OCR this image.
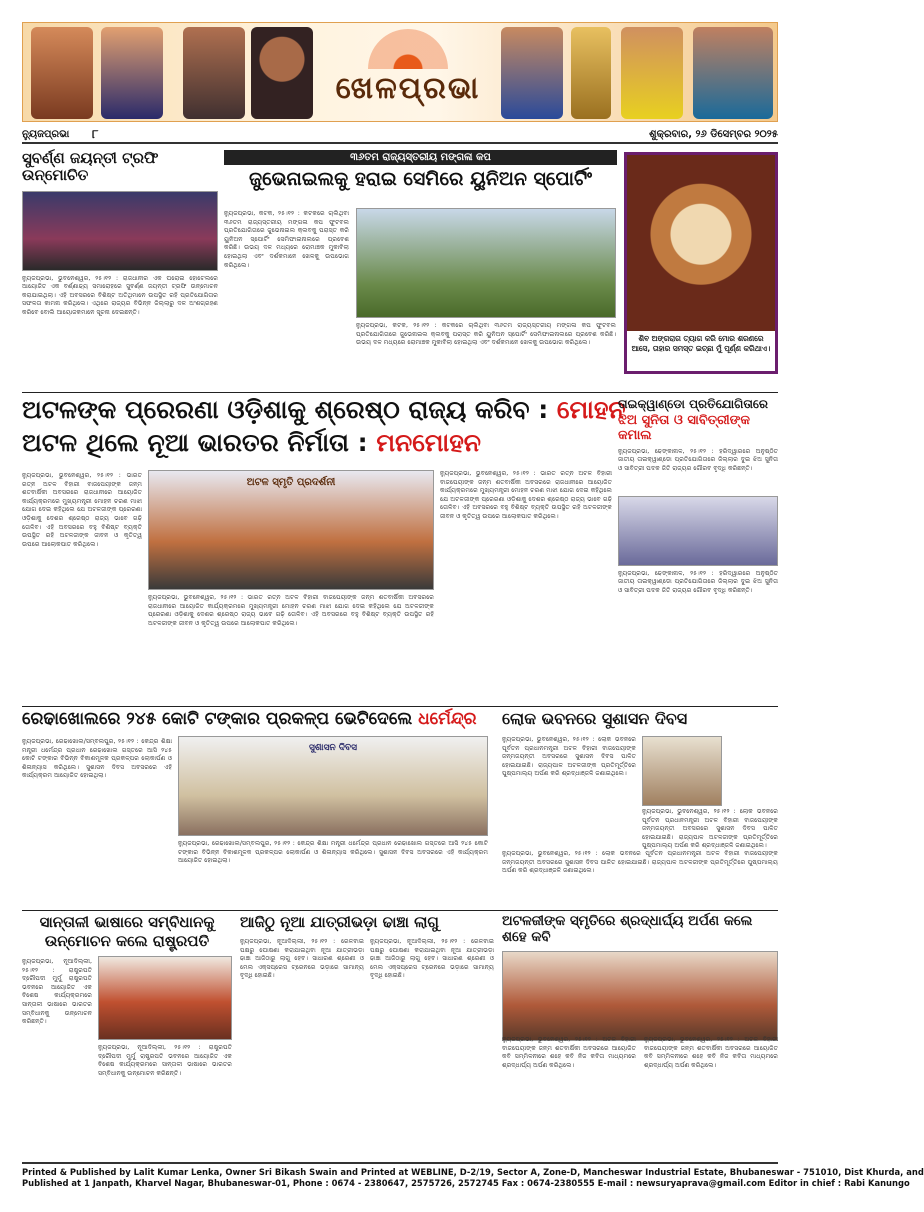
ଖେଳପ୍ରଭା
ନ୍ୟୁଜପ୍ରଭା ୮	ଶୁକ୍ରବାର, ୨୬ ଡିସେମ୍ବର ୨୦୨୫
ସୁବର୍ଣ୍ଣ ଜୟନ୍ତୀ ଟ୍ରଫି ଉନ୍ମୋଚିତ
ନ୍ୟୁଜପ୍ରଭା, ଭୁବନେଶ୍ୱର, ୨୫।୧୨ : ରାଜଧାନୀର ଏକ ଘରୋଇ ହୋଟେଲରେ ଆୟୋଜିତ ଏକ ବର୍ଣ୍ଣାଢ୍ୟ ସମାରୋହରେ ସୁବର୍ଣ୍ଣ ଜୟନ୍ତୀ ଟ୍ରଫି ଉନ୍ମୋଚନ କରାଯାଇଥିଲା। ଏହି ଅବସରରେ ବିଶିଷ୍ଟ ଅତିଥିମାନେ ଉପସ୍ଥିତ ରହି ପ୍ରତିଯୋଗିତାର ସଫଳତା କାମନା କରିଥିଲେ। ଏଥିରେ ରାଜ୍ୟର ବିଭିନ୍ନ ଜିଲ୍ଲାରୁ ଦଳ ଅଂଶଗ୍ରହଣ କରିବେ ବୋଲି ଆୟୋଜକମାନେ ସୂଚନା ଦେଇଛନ୍ତି।
୩୬ତମ ରାଜ୍ୟସ୍ତରୀୟ ମଙ୍ଗଳା କପ
ଜୁଭେନାଇଲକୁ ହରାଇ ସେମିରେ ୟୁନିଅନ ସ୍ପୋର୍ଟିଂ
ନ୍ୟୁଜପ୍ରଭା, କଟକ, ୨୫।୧୨ : କଟକରେ ଚାଲିଥିବା ୩୬ତମ ରାଜ୍ୟସ୍ତରୀୟ ମଙ୍ଗଳା କପ ଫୁଟବଲ ପ୍ରତିଯୋଗିତାରେ ଜୁଭେନାଇଲ କ୍ଲବକୁ ପରାସ୍ତ କରି ୟୁନିଅନ ସ୍ପୋର୍ଟିଂ ସେମିଫାଇନାଲରେ ପ୍ରବେଶ କରିଛି। ଉଭୟ ଦଳ ମଧ୍ୟରେ ରୋମାଞ୍ଚକ ମୁକାବିଲା ହୋଇଥିଲା ଏବଂ ଦର୍ଶକମାନେ ଖେଳକୁ ଉପଭୋଗ କରିଥିଲେ।
ନ୍ୟୁଜପ୍ରଭା, କଟକ, ୨୫।୧୨ : କଟକରେ ଚାଲିଥିବା ୩୬ତମ ରାଜ୍ୟସ୍ତରୀୟ ମଙ୍ଗଳା କପ ଫୁଟବଲ ପ୍ରତିଯୋଗିତାରେ ଜୁଭେନାଇଲ କ୍ଲବକୁ ପରାସ୍ତ କରି ୟୁନିଅନ ସ୍ପୋର୍ଟିଂ ସେମିଫାଇନାଲରେ ପ୍ରବେଶ କରିଛି। ଉଭୟ ଦଳ ମଧ୍ୟରେ ରୋମାଞ୍ଚକ ମୁକାବିଲା ହୋଇଥିଲା ଏବଂ ଦର୍ଶକମାନେ ଖେଳକୁ ଉପଭୋଗ କରିଥିଲେ।	ଶିବ ଅଙ୍ଗରାଗ ତ୍ୟାଗ କରି ମୋର ଶରଣରେ ଆସେ, ତାହାର ସମସ୍ତ ଇଚ୍ଛା ମୁଁ ପୂର୍ଣ୍ଣ କରିଥାଏ।
ଅଟଳଙ୍କ ପ୍ରେରଣା ଓଡ଼ିଶାକୁ ଶ୍ରେଷ୍ଠ ରାଜ୍ୟ କରିବ : ମୋହନ
ଅଟଳ ଥିଲେ ନୂଆ ଭାରତର ନିର୍ମାତା : ମନମୋହନ
ନ୍ୟୁଜପ୍ରଭା, ଭୁବନେଶ୍ୱର, ୨୫।୧୨ : ଭାରତ ରତ୍ନ ଅଟଳ ବିହାରୀ ବାଜପେୟୀଙ୍କ ଜନ୍ମ ଶତବାର୍ଷିକୀ ଅବସରରେ ରାଜଧାନୀରେ ଆୟୋଜିତ କାର୍ଯ୍ୟକ୍ରମରେ ମୁଖ୍ୟମନ୍ତ୍ରୀ ମୋହନ ଚରଣ ମାଝୀ ଯୋଗ ଦେଇ କହିଥିଲେ ଯେ ଅଟଳଜୀଙ୍କ ପ୍ରେରଣା ଓଡ଼ିଶାକୁ ଦେଶର ଶ୍ରେଷ୍ଠ ରାଜ୍ୟ ଭାବେ ଗଢ଼ି ତୋଳିବ। ଏହି ଅବସରରେ ବହୁ ବିଶିଷ୍ଟ ବ୍ୟକ୍ତି ଉପସ୍ଥିତ ରହି ଅଟଳଜୀଙ୍କ ଜୀବନ ଓ କୃତିତ୍ୱ ଉପରେ ଆଲୋକପାତ କରିଥିଲେ।
ଅଟଳ ସ୍ମୃତି ପ୍ରଦର୍ଶନୀ
ନ୍ୟୁଜପ୍ରଭା, ଭୁବନେଶ୍ୱର, ୨୫।୧୨ : ଭାରତ ରତ୍ନ ଅଟଳ ବିହାରୀ ବାଜପେୟୀଙ୍କ ଜନ୍ମ ଶତବାର୍ଷିକୀ ଅବସରରେ ରାଜଧାନୀରେ ଆୟୋଜିତ କାର୍ଯ୍ୟକ୍ରମରେ ମୁଖ୍ୟମନ୍ତ୍ରୀ ମୋହନ ଚରଣ ମାଝୀ ଯୋଗ ଦେଇ କହିଥିଲେ ଯେ ଅଟଳଜୀଙ୍କ ପ୍ରେରଣା ଓଡ଼ିଶାକୁ ଦେଶର ଶ୍ରେଷ୍ଠ ରାଜ୍ୟ ଭାବେ ଗଢ଼ି ତୋଳିବ। ଏହି ଅବସରରେ ବହୁ ବିଶିଷ୍ଟ ବ୍ୟକ୍ତି ଉପସ୍ଥିତ ରହି ଅଟଳଜୀଙ୍କ ଜୀବନ ଓ କୃତିତ୍ୱ ଉପରେ ଆଲୋକପାତ କରିଥିଲେ।
ନ୍ୟୁଜପ୍ରଭା, ଭୁବନେଶ୍ୱର, ୨୫।୧୨ : ଭାରତ ରତ୍ନ ଅଟଳ ବିହାରୀ ବାଜପେୟୀଙ୍କ ଜନ୍ମ ଶତବାର୍ଷିକୀ ଅବସରରେ ରାଜଧାନୀରେ ଆୟୋଜିତ କାର୍ଯ୍ୟକ୍ରମରେ ମୁଖ୍ୟମନ୍ତ୍ରୀ ମୋହନ ଚରଣ ମାଝୀ ଯୋଗ ଦେଇ କହିଥିଲେ ଯେ ଅଟଳଜୀଙ୍କ ପ୍ରେରଣା ଓଡ଼ିଶାକୁ ଦେଶର ଶ୍ରେଷ୍ଠ ରାଜ୍ୟ ଭାବେ ଗଢ଼ି ତୋଳିବ। ଏହି ଅବସରରେ ବହୁ ବିଶିଷ୍ଟ ବ୍ୟକ୍ତି ଉପସ୍ଥିତ ରହି ଅଟଳଜୀଙ୍କ ଜୀବନ ଓ କୃତିତ୍ୱ ଉପରେ ଆଲୋକପାତ କରିଥିଲେ।
ତାଇକ୍ୱାଣ୍ଡୋ ପ୍ରତିଯୋଗିତାରେ
ଝିଅ ସୁନିତା ଓ ସାବିତ୍ରୀଙ୍କ କମାଲ
ନ୍ୟୁଜପ୍ରଭା, ଢେଙ୍କାନାଳ, ୨୫।୧୨ : ହରିଦ୍ୱାରରେ ଅନୁଷ୍ଠିତ ଜାତୀୟ ତାଇକ୍ୱାଣ୍ଡୋ ପ୍ରତିଯୋଗିତାରେ ଜିଲ୍ଲାର ଦୁଇ ଝିଅ ସୁନିତା ଓ ସାବିତ୍ରୀ ପଦକ ଜିତି ରାଜ୍ୟର ଗୌରବ ବୃଦ୍ଧି କରିଛନ୍ତି।
ନ୍ୟୁଜପ୍ରଭା, ଢେଙ୍କାନାଳ, ୨୫।୧୨ : ହରିଦ୍ୱାରରେ ଅନୁଷ୍ଠିତ ଜାତୀୟ ତାଇକ୍ୱାଣ୍ଡୋ ପ୍ରତିଯୋଗିତାରେ ଜିଲ୍ଲାର ଦୁଇ ଝିଅ ସୁନିତା ଓ ସାବିତ୍ରୀ ପଦକ ଜିତି ରାଜ୍ୟର ଗୌରବ ବୃଦ୍ଧି କରିଛନ୍ତି।
ରେଢାଖୋଲରେ ୨୪୫ କୋଟି ଟଙ୍କାର ପ୍ରକଳ୍ପ ଭେଟିଦେଲେ ଧର୍ମେନ୍ଦ୍ର
ନ୍ୟୁଜପ୍ରଭା, ରେଢାଖୋଲ/ସମ୍ବଲପୁର, ୨୫।୧୨ : କେନ୍ଦ୍ର ଶିକ୍ଷା ମନ୍ତ୍ରୀ ଧର୍ମେନ୍ଦ୍ର ପ୍ରଧାନ ରେଢାଖୋଲ ଗସ୍ତରେ ଆସି ୨୪୫ କୋଟି ଟଙ୍କାର ବିଭିନ୍ନ ବିକାଶମୂଳକ ପ୍ରକଳ୍ପର ଲୋକାର୍ପଣ ଓ ଶିଳାନ୍ୟାସ କରିଥିଲେ। ସୁଶାସନ ଦିବସ ଅବସରରେ ଏହି କାର୍ଯ୍ୟକ୍ରମ ଆୟୋଜିତ ହୋଇଥିଲା।
ସୁଶାସନ ଦିବସ
ନ୍ୟୁଜପ୍ରଭା, ରେଢାଖୋଲ/ସମ୍ବଲପୁର, ୨୫।୧୨ : କେନ୍ଦ୍ର ଶିକ୍ଷା ମନ୍ତ୍ରୀ ଧର୍ମେନ୍ଦ୍ର ପ୍ରଧାନ ରେଢାଖୋଲ ଗସ୍ତରେ ଆସି ୨୪୫ କୋଟି ଟଙ୍କାର ବିଭିନ୍ନ ବିକାଶମୂଳକ ପ୍ରକଳ୍ପର ଲୋକାର୍ପଣ ଓ ଶିଳାନ୍ୟାସ କରିଥିଲେ। ସୁଶାସନ ଦିବସ ଅବସରରେ ଏହି କାର୍ଯ୍ୟକ୍ରମ ଆୟୋଜିତ ହୋଇଥିଲା।
ଲୋକ ଭବନରେ ସୁଶାସନ ଦିବସ
ନ୍ୟୁଜପ୍ରଭା, ଭୁବନେଶ୍ୱର, ୨୫।୧୨ : ଲୋକ ଭବନରେ ପୂର୍ବତନ ପ୍ରଧାନମନ୍ତ୍ରୀ ଅଟଳ ବିହାରୀ ବାଜପେୟୀଙ୍କ ଜନ୍ମଜୟନ୍ତୀ ଅବସରରେ ସୁଶାସନ ଦିବସ ପାଳିତ ହୋଇଯାଇଛି। ରାଜ୍ୟପାଳ ଅଟଳଜୀଙ୍କ ପ୍ରତିମୂର୍ତ୍ତିରେ ପୁଷ୍ପମାଲ୍ୟ ଅର୍ପଣ କରି ଶ୍ରଦ୍ଧାଞ୍ଜଳି ଜଣାଇଥିଲେ।
ନ୍ୟୁଜପ୍ରଭା, ଭୁବନେଶ୍ୱର, ୨୫।୧୨ : ଲୋକ ଭବନରେ ପୂର୍ବତନ ପ୍ରଧାନମନ୍ତ୍ରୀ ଅଟଳ ବିହାରୀ ବାଜପେୟୀଙ୍କ ଜନ୍ମଜୟନ୍ତୀ ଅବସରରେ ସୁଶାସନ ଦିବସ ପାଳିତ ହୋଇଯାଇଛି। ରାଜ୍ୟପାଳ ଅଟଳଜୀଙ୍କ ପ୍ରତିମୂର୍ତ୍ତିରେ ପୁଷ୍ପମାଲ୍ୟ ଅର୍ପଣ କରି ଶ୍ରଦ୍ଧାଞ୍ଜଳି ଜଣାଇଥିଲେ।
ନ୍ୟୁଜପ୍ରଭା, ଭୁବନେଶ୍ୱର, ୨୫।୧୨ : ଲୋକ ଭବନରେ ପୂର୍ବତନ ପ୍ରଧାନମନ୍ତ୍ରୀ ଅଟଳ ବିହାରୀ ବାଜପେୟୀଙ୍କ ଜନ୍ମଜୟନ୍ତୀ ଅବସରରେ ସୁଶାସନ ଦିବସ ପାଳିତ ହୋଇଯାଇଛି। ରାଜ୍ୟପାଳ ଅଟଳଜୀଙ୍କ ପ୍ରତିମୂର୍ତ୍ତିରେ ପୁଷ୍ପମାଲ୍ୟ ଅର୍ପଣ କରି ଶ୍ରଦ୍ଧାଞ୍ଜଳି ଜଣାଇଥିଲେ।
ସାନ୍ତାଳୀ ଭାଷାରେ ସମ୍ବିଧାନକୁ
ଉନ୍ମୋଚନ କଲେ ରାଷ୍ଟ୍ରପତି
ନ୍ୟୁଜପ୍ରଭା, ନୂଆଦିଲ୍ଲୀ, ୨୫।୧୨ : ରାଷ୍ଟ୍ରପତି ଦ୍ରୌପଦୀ ମୁର୍ମୁ ରାଷ୍ଟ୍ରପତି ଭବନରେ ଆୟୋଜିତ ଏକ ବିଶେଷ କାର୍ଯ୍ୟକ୍ରମରେ ସାନ୍ତାଳୀ ଭାଷାରେ ଭାରତର ସମ୍ବିଧାନକୁ ଉନ୍ମୋଚନ କରିଛନ୍ତି।
ନ୍ୟୁଜପ୍ରଭା, ନୂଆଦିଲ୍ଲୀ, ୨୫।୧୨ : ରାଷ୍ଟ୍ରପତି ଦ୍ରୌପଦୀ ମୁର୍ମୁ ରାଷ୍ଟ୍ରପତି ଭବନରେ ଆୟୋଜିତ ଏକ ବିଶେଷ କାର୍ଯ୍ୟକ୍ରମରେ ସାନ୍ତାଳୀ ଭାଷାରେ ଭାରତର ସମ୍ବିଧାନକୁ ଉନ୍ମୋଚନ କରିଛନ୍ତି।
ଆଜିଠୁ ନୂଆ ଯାତ୍ରୀଭଡ଼ା ଢାଞ୍ଚା ଲାଗୁ
ନ୍ୟୁଜପ୍ରଭା, ନୂଆଦିଲ୍ଲୀ, ୨୫।୧୨ : ରେଳବାଇ ପକ୍ଷରୁ ଘୋଷଣା କରାଯାଇଥିବା ନୂଆ ଯାତ୍ରୀଭଡ଼ା ଢାଞ୍ଚା ଆଜିଠାରୁ ଲାଗୁ ହେବ। ସାଧାରଣ ଶ୍ରେଣୀ ଓ ମେଲ ଏକ୍ସପ୍ରେସ ଟ୍ରେନରେ ଭଡ଼ାରେ ସାମାନ୍ୟ ବୃଦ୍ଧି ହୋଇଛି।
ନ୍ୟୁଜପ୍ରଭା, ନୂଆଦିଲ୍ଲୀ, ୨୫।୧୨ : ରେଳବାଇ ପକ୍ଷରୁ ଘୋଷଣା କରାଯାଇଥିବା ନୂଆ ଯାତ୍ରୀଭଡ଼ା ଢାଞ୍ଚା ଆଜିଠାରୁ ଲାଗୁ ହେବ। ସାଧାରଣ ଶ୍ରେଣୀ ଓ ମେଲ ଏକ୍ସପ୍ରେସ ଟ୍ରେନରେ ଭଡ଼ାରେ ସାମାନ୍ୟ ବୃଦ୍ଧି ହୋଇଛି।
ଅଟଳଜୀଙ୍କ ସ୍ମୃତିରେ ଶ୍ରଦ୍ଧାର୍ଘ୍ୟ ଅର୍ପଣ କଲେ ଶହେ କବି
ନ୍ୟୁଜପ୍ରଭା, ଭୁବନେଶ୍ୱର, ୨୫।୧୨ : ଅଟଳ ବିହାରୀ ବାଜପେୟୀଙ୍କ ଜନ୍ମ ଶତବାର୍ଷିକୀ ଅବସରରେ ଆୟୋଜିତ କବି ସମ୍ମିଳନୀରେ ଶହେ କବି ନିଜ କବିତା ମାଧ୍ୟମରେ ଶ୍ରଦ୍ଧାର୍ଘ୍ୟ ଅର୍ପଣ କରିଥିଲେ।
ନ୍ୟୁଜପ୍ରଭା, ଭୁବନେଶ୍ୱର, ୨୫।୧୨ : ଅଟଳ ବିହାରୀ ବାଜପେୟୀଙ୍କ ଜନ୍ମ ଶତବାର୍ଷିକୀ ଅବସରରେ ଆୟୋଜିତ କବି ସମ୍ମିଳନୀରେ ଶହେ କବି ନିଜ କବିତା ମାଧ୍ୟମରେ ଶ୍ରଦ୍ଧାର୍ଘ୍ୟ ଅର୍ପଣ କରିଥିଲେ।
Printed & Published by Lalit Kumar Lenka, Owner Sri Bikash Swain and Printed at WEBLINE, D-2/19, Sector A, Zone-D, Mancheswar Industrial Estate, Bhubaneswar - 751010, Dist Khurda, and
Published at 1 Janpath, Kharvel Nagar, Bhubaneswar-01, Phone : 0674 - 2380647, 2575726, 2572745 Fax : 0674-2380555 E-mail : newsuryaprava@gmail.com Editor in chief : Rabi Kanungo
